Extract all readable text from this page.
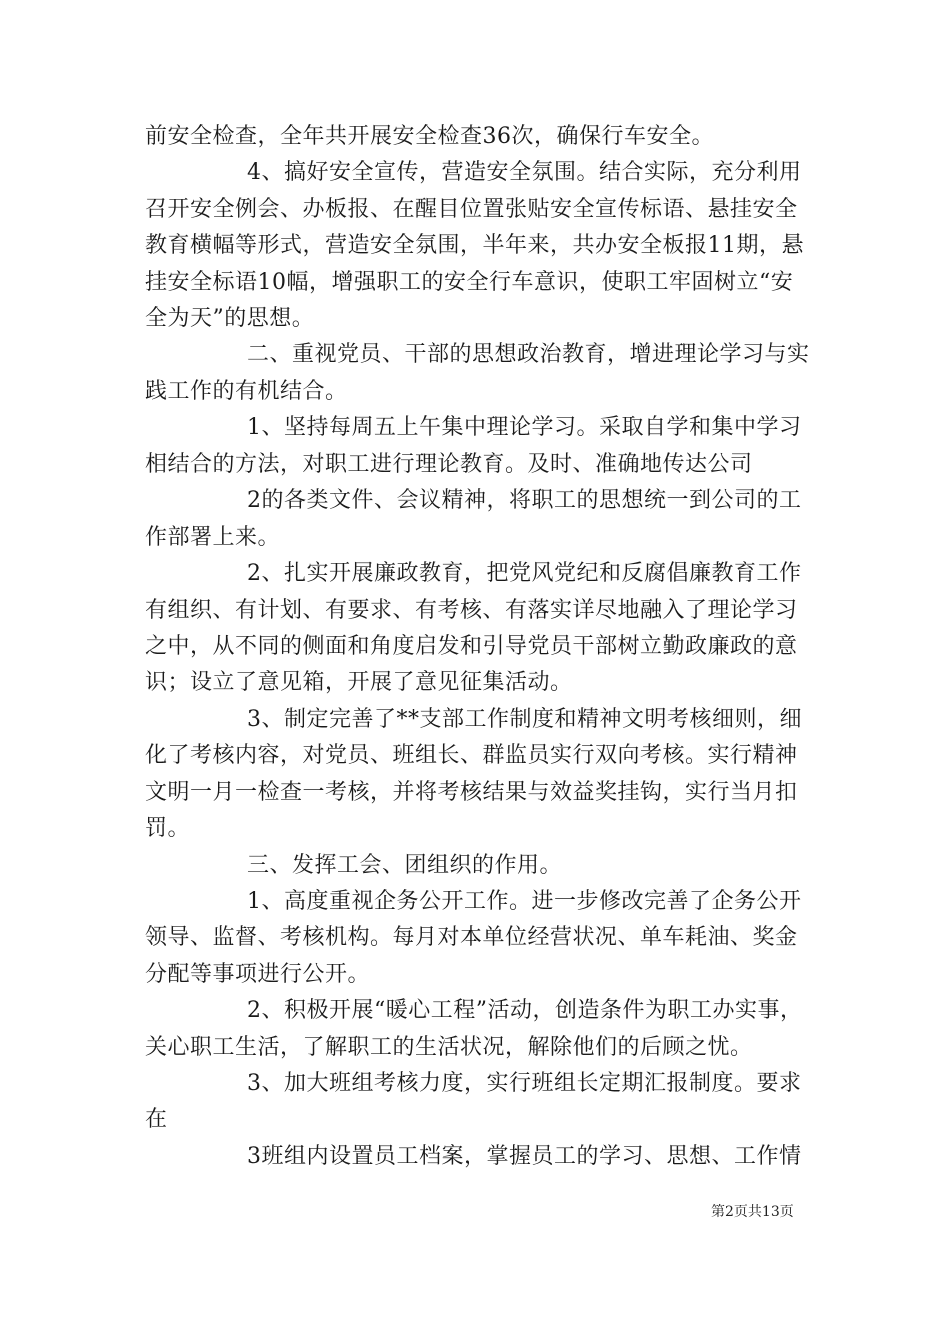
前安全检查，全年共开展安全检查36次，确保行车安全。
4、搞好安全宣传，营造安全氛围。结合实际，充分利用
召开安全例会、办板报、在醒目位置张贴安全宣传标语、悬挂安全
教育横幅等形式，营造安全氛围，半年来，共办安全板报11期，悬
挂安全标语10幅，增强职工的安全行车意识，使职工牢固树立“安
全为天”的思想。
二、重视党员、干部的思想政治教育，增进理论学习与实
践工作的有机结合。
1、坚持每周五上午集中理论学习。采取自学和集中学习
相结合的方法，对职工进行理论教育。及时、准确地传达公司
2的各类文件、会议精神，将职工的思想统一到公司的工
作部署上来。
2、扎实开展廉政教育，把党风党纪和反腐倡廉教育工作
有组织、有计划、有要求、有考核、有落实详尽地融入了理论学习
之中，从不同的侧面和角度启发和引导党员干部树立勤政廉政的意
识；设立了意见箱，开展了意见征集活动。
3、制定完善了**支部工作制度和精神文明考核细则，细
化了考核内容，对党员、班组长、群监员实行双向考核。实行精神
文明一月一检查一考核，并将考核结果与效益奖挂钩，实行当月扣
罚。
三、发挥工会、团组织的作用。
1、高度重视企务公开工作。进一步修改完善了企务公开
领导、监督、考核机构。每月对本单位经营状况、单车耗油、奖金
分配等事项进行公开。
2、积极开展“暖心工程”活动，创造条件为职工办实事，
关心职工生活，了解职工的生活状况，解除他们的后顾之忧。
3、加大班组考核力度，实行班组长定期汇报制度。要求
在
3班组内设置员工档案，掌握员工的学习、思想、工作情
第2页共13页
